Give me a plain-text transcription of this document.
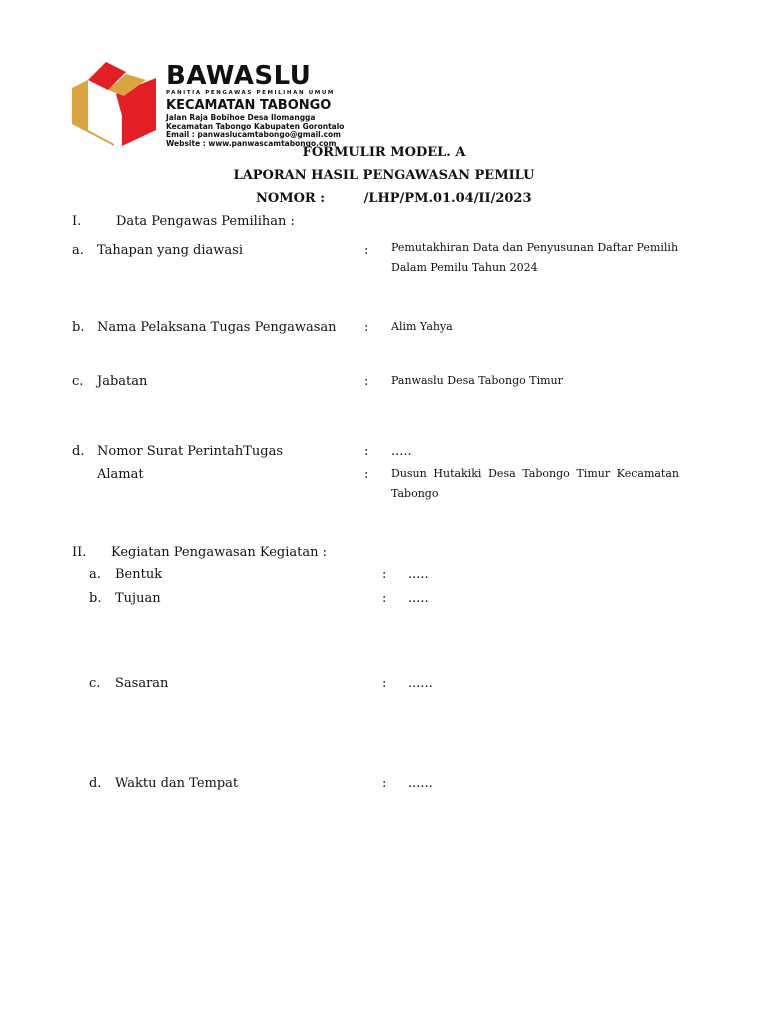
BAWASLU
PANITIA PENGAWAS PEMILIHAN UMUM
KECAMATAN TABONGO
Jalan Raja Bobihoe Desa Ilomangga
Kecamatan Tabongo Kabupaten Gorontalo
Email : panwaslucamtabongo@gmail.com
Website : www.panwascamtabongo.com
FORMULIR MODEL. A
LAPORAN HASIL PENGAWASAN PEMILU
NOMOR :	/LHP/PM.01.04/II/2023
I.	Data Pengawas Pemilihan :
a. Tahapan yang diawasi	: Pemutakhiran Data dan Penyusunan Daftar Pemilih
Dalam Pemilu Tahun 2024
b. Nama Pelaksana Tugas Pengawasan : Alim Yahya
c. Jabatan	: Panwaslu Desa Tabongo Timur
d. Nomor Surat PerintahTugas	: .....
Alamat	: Dusun Hutakiki Desa Tabongo Timur Kecamatan Tabongo
II. Kegiatan Pengawasan Kegiatan :
a. Bentuk	: .....
b. Tujuan	: .....
c. Sasaran	: ......
d. Waktu dan Tempat	: ......
